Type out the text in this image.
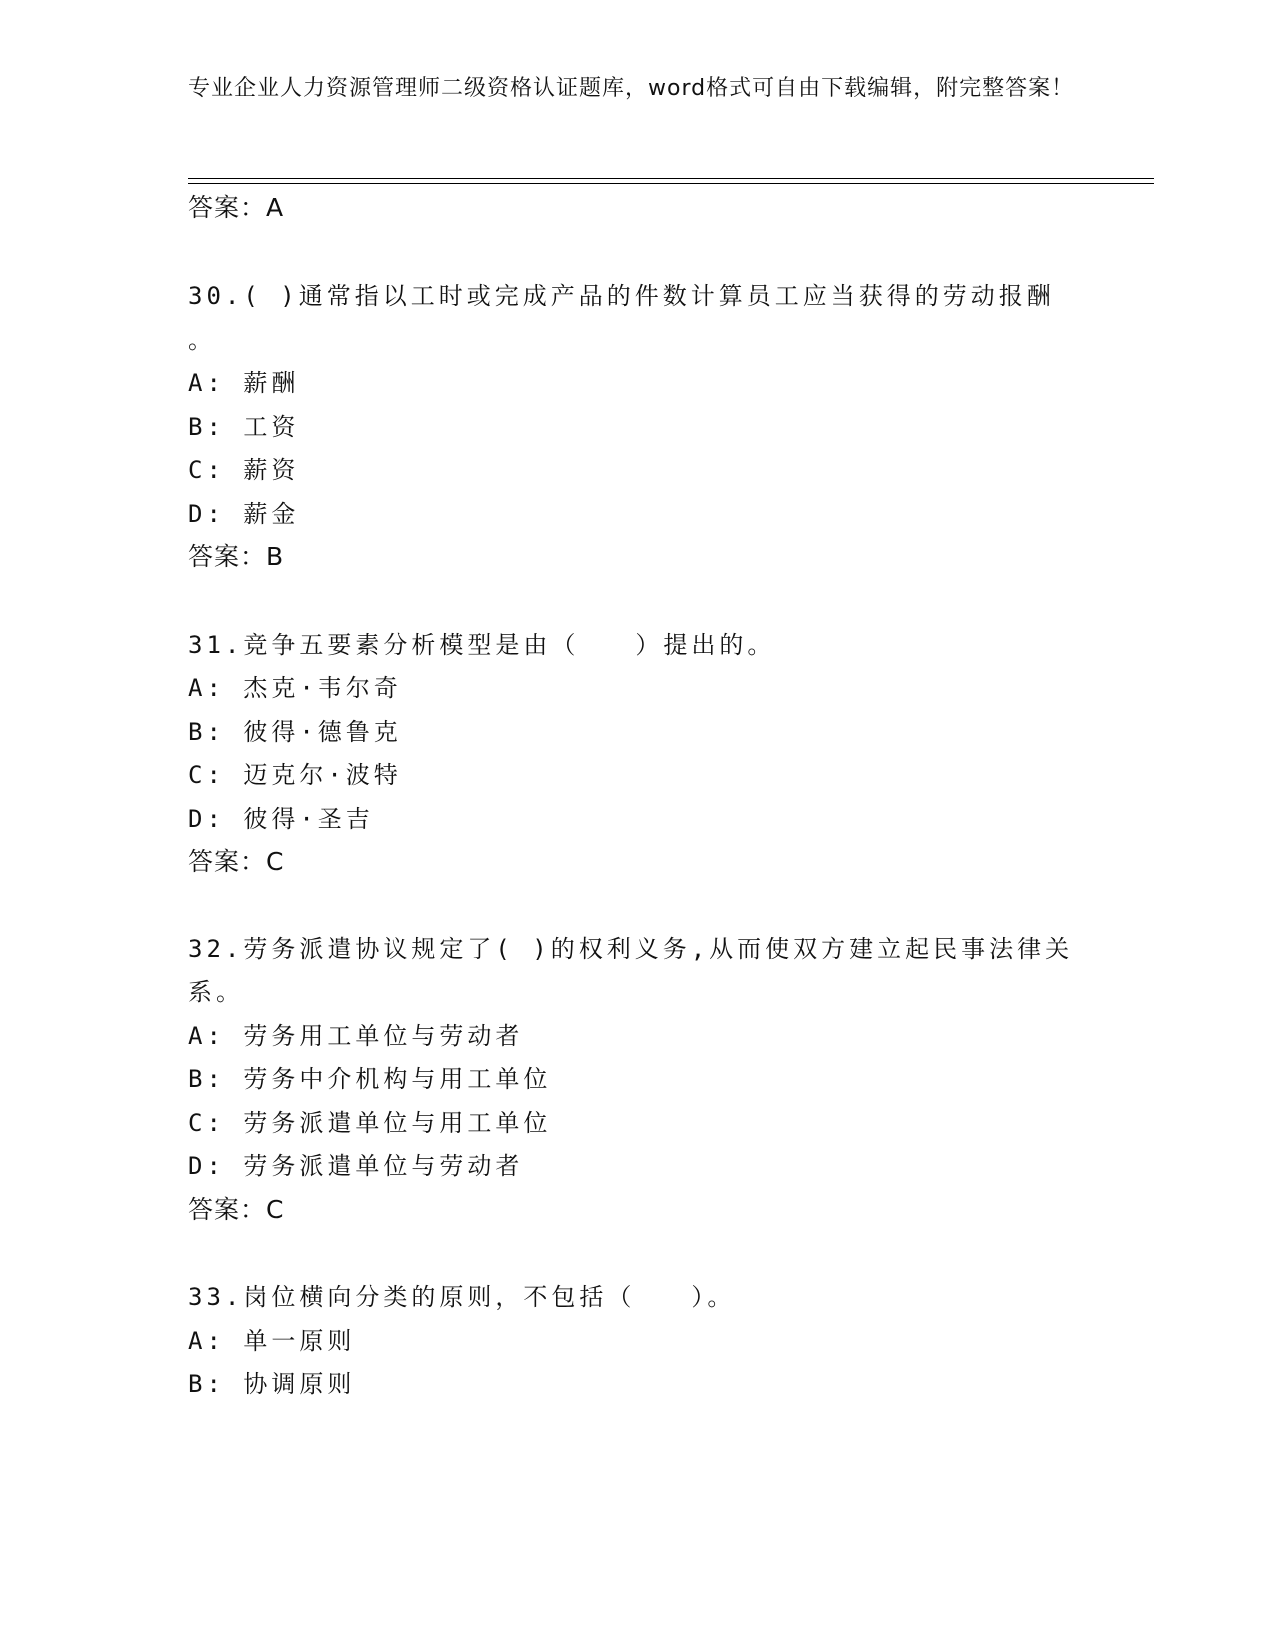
专业企业人力资源管理师二级资格认证题库，word格式可自由下载编辑，附完整答案！
答案：A
30.( )通常指以工时或完成产品的件数计算员工应当获得的劳动报酬
。
A: 薪酬
B: 工资
C: 薪资
D: 薪金
答案：B
31.竞争五要素分析模型是由（　　）提出的。
A: 杰克·韦尔奇
B: 彼得·德鲁克
C: 迈克尔·波特
D: 彼得·圣吉
答案：C
32.劳务派遣协议规定了( )的权利义务,从而使双方建立起民事法律关
系。
A: 劳务用工单位与劳动者
B: 劳务中介机构与用工单位
C: 劳务派遣单位与用工单位
D: 劳务派遣单位与劳动者
答案：C
33.岗位横向分类的原则，不包括（　　）。
A: 单一原则
B: 协调原则
